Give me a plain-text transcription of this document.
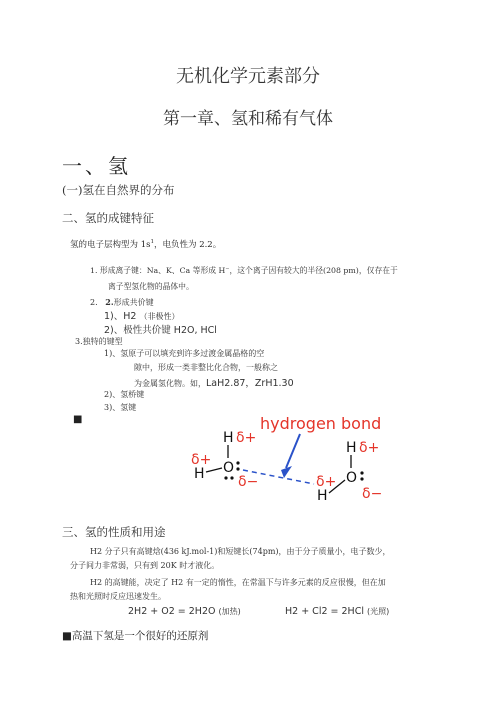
无机化学元素部分
第一章、氢和稀有气体
一、氢
(一)氢在自然界的分布
二、氢的成键特征
氢的电子层构型为 $1s^1$，电负性为 2.2。
1. 形成离子键：Na、K、Ca 等形成 H⁻，这个离子因有较大的半径(208 pm)，仅存在于
离子型氢化物的晶体中。
2. 2.形成共价键
1)、H2 （非极性）
2)、极性共价键 H2O, HCl
3.独特的键型
1)、氢原子可以填充到许多过渡金属晶格的空
隙中，形成一类非整比化合物，一般称之
为金属氢化物。如，LaH2.87，ZrH1.30
2)、氢桥键
3)、氢键
■	hydrogen bond
H δ+
δ+
H O
δ−
H δ+
O
δ+
H δ−
三、氢的性质和用途
H2 分子只有高键焓(436 kJ.mol-1)和短键长(74pm)，由于分子质量小，电子数少，
分子间力非常弱，只有到 20K 时才液化。
H2 的高键能，决定了 H2 有一定的惰性，在常温下与许多元素的反应很慢，但在加
热和光照时反应迅速发生。
2H2 + O2 = 2H2O (加热)	H2 + Cl2 = 2HCl (光照)
■高温下氢是一个很好的还原剂
